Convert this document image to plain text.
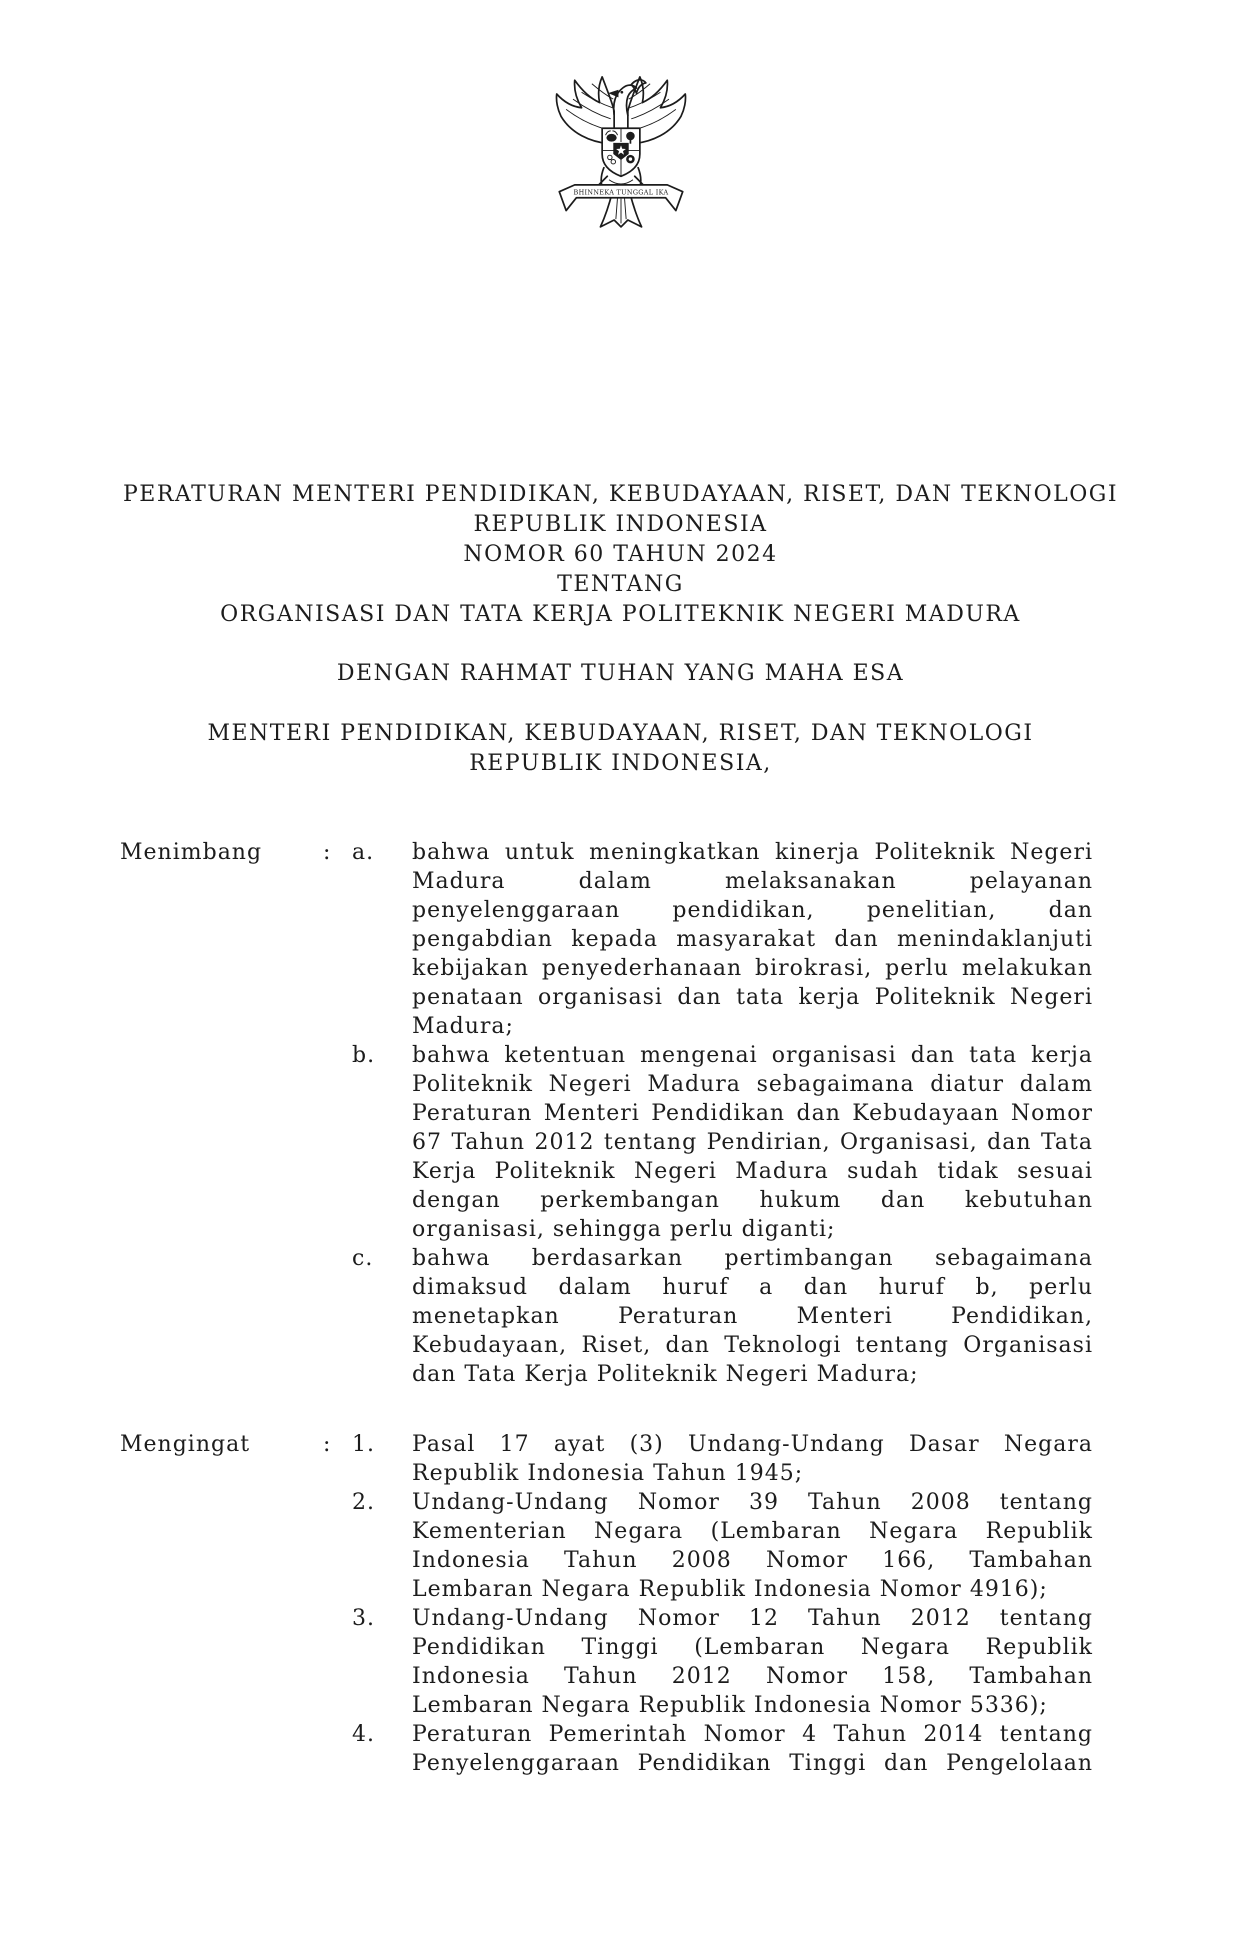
BHINNEKA TUNGGAL IKA
PERATURAN MENTERI PENDIDIKAN, KEBUDAYAAN, RISET, DAN TEKNOLOGI
REPUBLIK INDONESIA
NOMOR 60 TAHUN 2024
TENTANG
ORGANISASI DAN TATA KERJA POLITEKNIK NEGERI MADURA
DENGAN RAHMAT TUHAN YANG MAHA ESA
MENTERI PENDIDIKAN, KEBUDAYAAN, RISET, DAN TEKNOLOGI
REPUBLIK INDONESIA,
Menimbang	: a.	bahwa untuk meningkatkan kinerja Politeknik Negeri
Madura dalam melaksanakan pelayanan
penyelenggaraan pendidikan, penelitian, dan
pengabdian kepada masyarakat dan menindaklanjuti
kebijakan penyederhanaan birokrasi, perlu melakukan
penataan organisasi dan tata kerja Politeknik Negeri
Madura;
b.	bahwa ketentuan mengenai organisasi dan tata kerja
Politeknik Negeri Madura sebagaimana diatur dalam
Peraturan Menteri Pendidikan dan Kebudayaan Nomor
67 Tahun 2012 tentang Pendirian, Organisasi, dan Tata
Kerja Politeknik Negeri Madura sudah tidak sesuai
dengan perkembangan hukum dan kebutuhan
organisasi, sehingga perlu diganti;
c.	bahwa berdasarkan pertimbangan sebagaimana
dimaksud dalam huruf a dan huruf b, perlu
menetapkan Peraturan Menteri Pendidikan,
Kebudayaan, Riset, dan Teknologi tentang Organisasi
dan Tata Kerja Politeknik Negeri Madura;
Mengingat	: 1.	Pasal 17 ayat (3) Undang-Undang Dasar Negara
Republik Indonesia Tahun 1945;
2.	Undang-Undang Nomor 39 Tahun 2008 tentang
Kementerian Negara (Lembaran Negara Republik
Indonesia Tahun 2008 Nomor 166, Tambahan
Lembaran Negara Republik Indonesia Nomor 4916);
3.	Undang-Undang Nomor 12 Tahun 2012 tentang
Pendidikan Tinggi (Lembaran Negara Republik
Indonesia Tahun 2012 Nomor 158, Tambahan
Lembaran Negara Republik Indonesia Nomor 5336);
4.	Peraturan Pemerintah Nomor 4 Tahun 2014 tentang
Penyelenggaraan Pendidikan Tinggi dan Pengelolaan
